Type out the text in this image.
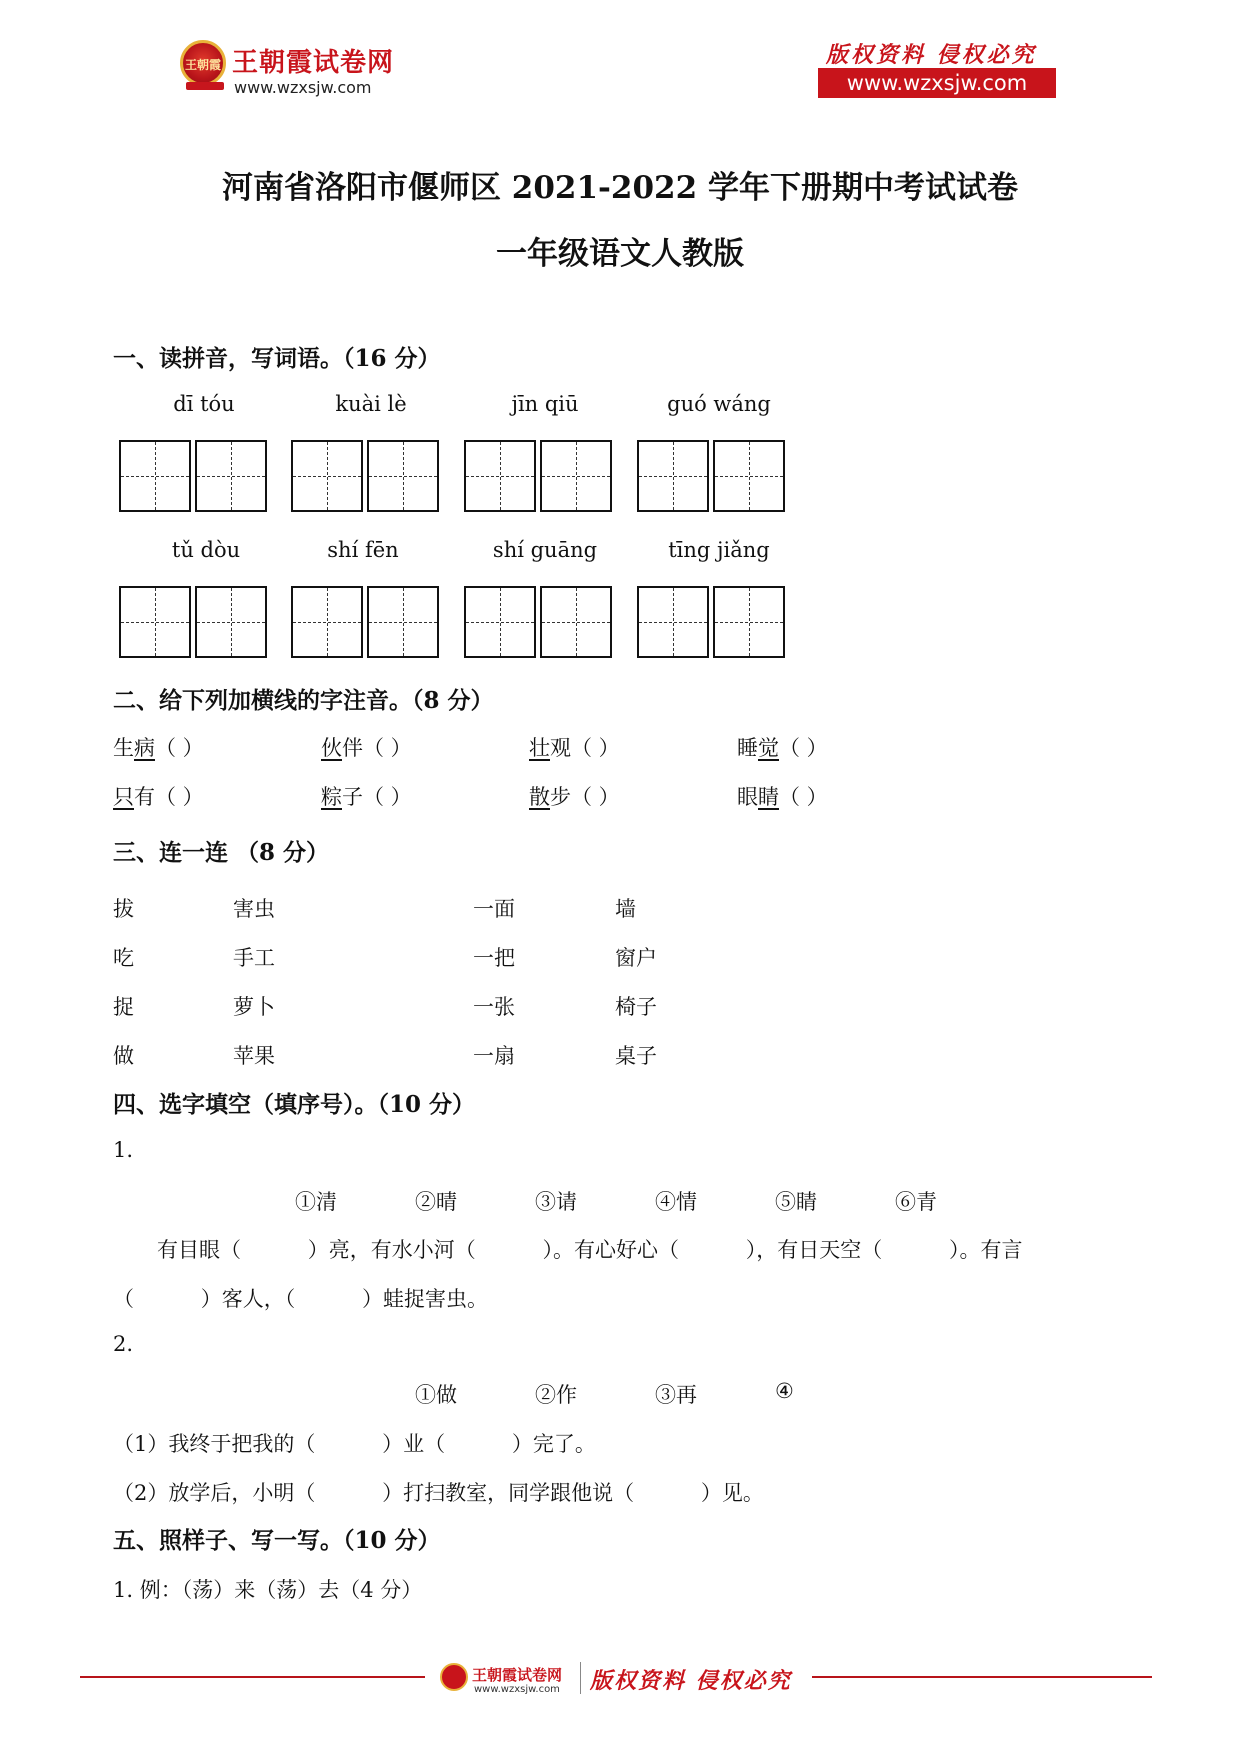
王朝霞 王朝霞试卷网
www.wzxsjw.com
版权资料 侵权必究
www.wzxsjw.com
河南省洛阳市偃师区 2021-2022 学年下册期中考试试卷
一年级语文人教版
一、读拼音，写词语。（16 分）
dī tóu	kuài lè	jīn qiū	guó wáng
tǔ dòu	shí fēn	shí guāng	tīng jiǎng
二、给下列加横线的字注音。（8 分）
生病（ ）	伙伴（ ）	壮观（ ）	睡觉（ ）
只有（ ）	粽子（ ）	散步（ ）	眼睛（ ）
三、连一连 （8 分）
拔	害虫	一面	墙
吃	手工	一把	窗户
捉	萝卜	一张	椅子
做	苹果	一扇	桌子
四、选字填空（填序号）。（10 分）
1.
①清	②晴	③请	④情	⑤睛	⑥青
有目眼（          ）亮，有水小河（          ）。有心好心（          ），有日天空（          ）。有言
（          ）客人，（          ）蛙捉害虫。
2.
①做	②作	③再	④
（1）我终于把我的（          ）业（          ）完了。
（2）放学后，小明（          ）打扫教室，同学跟他说（          ）见。
五、照样子、写一写。（10 分）
1. 例：（荡）来（荡）去（4 分）
王朝霞试卷网
www.wzxsjw.com 版权资料 侵权必究
